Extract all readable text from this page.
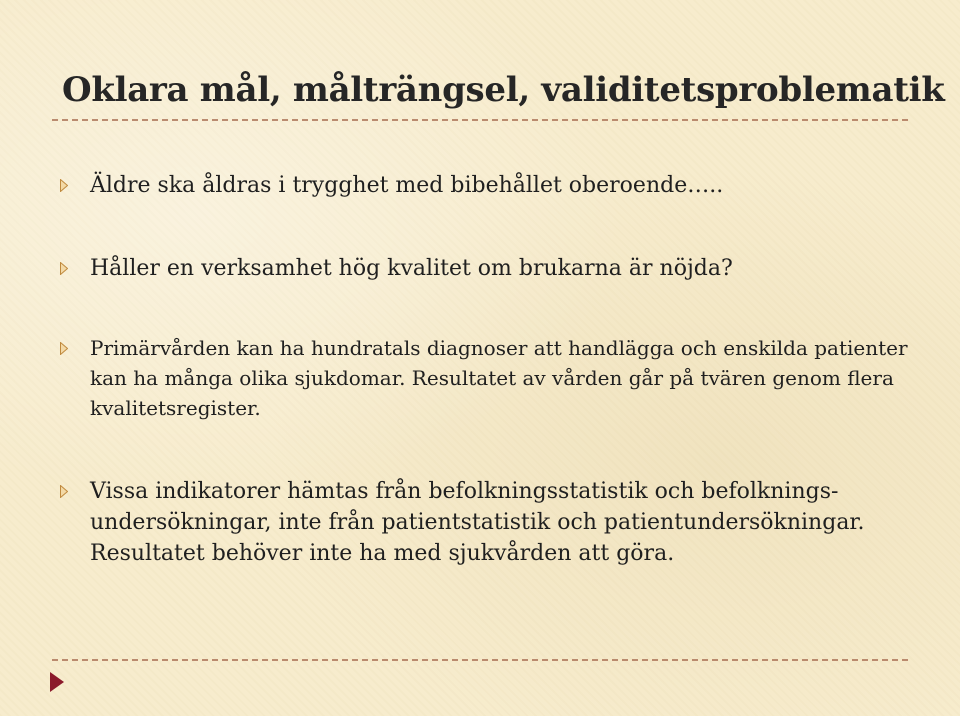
Oklara mål, målträngsel, validitetsproblematik
Äldre ska åldras i trygghet med bibehållet oberoende…..
Håller en verksamhet hög kvalitet om brukarna är nöjda?
Primärvården kan ha hundratals diagnoser att handlägga och enskilda patienter kan ha många olika sjukdomar. Resultatet av vården går på tvären genom flera kvalitetsregister.
Vissa indikatorer hämtas från befolkningsstatistik och befolkningsundersökningar, inte från patientstatistik och patientundersökningar. Resultatet behöver inte ha med sjukvården att göra.
